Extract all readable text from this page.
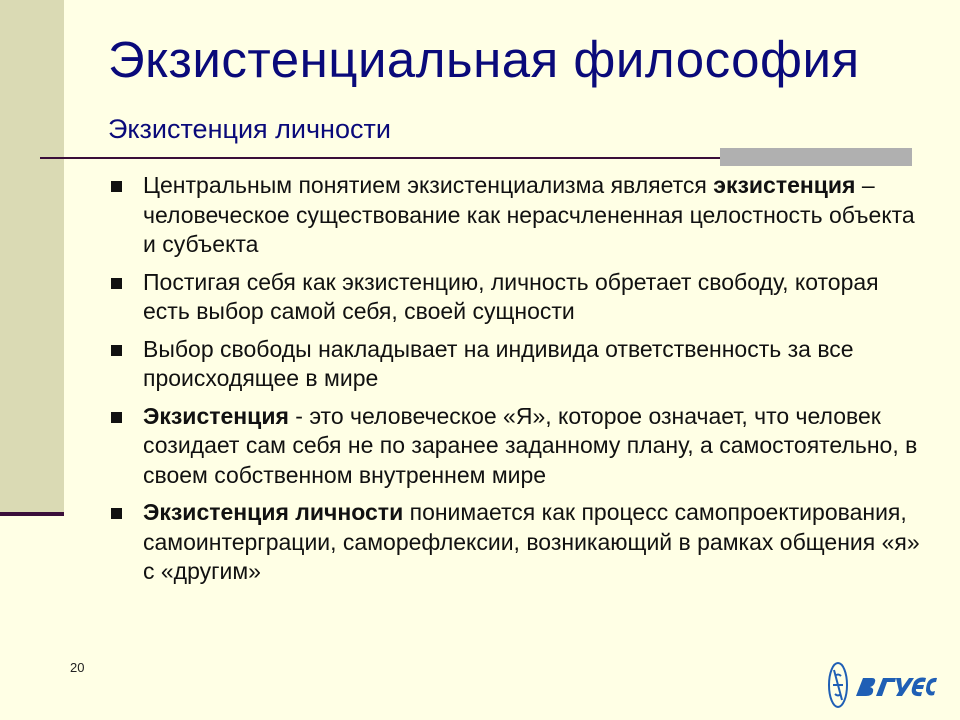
Экзистенциальная философия
Экзистенция личности
Центральным понятием экзистенциализма является экзистенция – человеческое существование как нерасчлененная целостность объекта и субъекта
Постигая себя как экзистенцию, личность обретает свободу, которая есть выбор самой себя, своей сущности
Выбор свободы накладывает на индивида ответственность за все происходящее в мире
Экзистенция - это человеческое «Я», которое означает, что человек созидает сам себя не по заранее заданному плану, а самостоятельно, в своем собственном внутреннем мире
Экзистенция личности понимается как процесс самопроектирования, самоинтерграции, саморефлексии, возникающий в рамках общения «я» с «другим»
20
